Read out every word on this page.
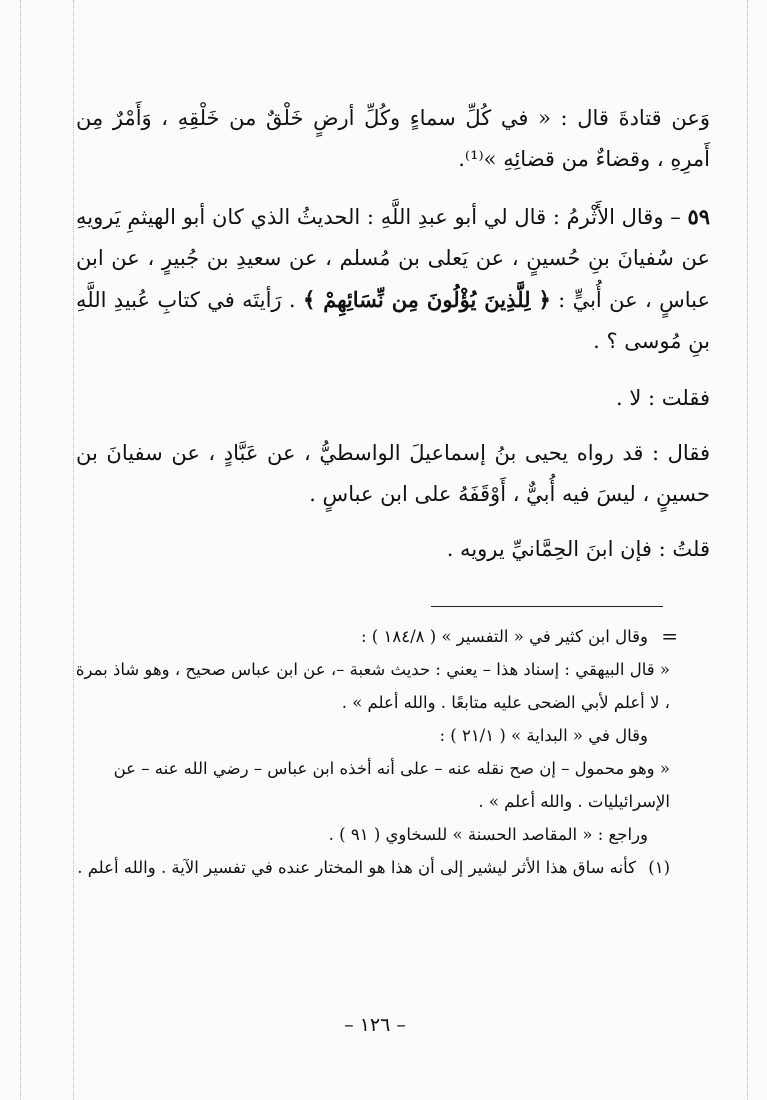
وَعن قتادةَ قال : « في كُلِّ سماءٍ وكُلِّ أرضٍ خَلْقٌ من خَلْقِهِ ، وَأَمْرٌ مِن أَمرِهِ ، وقضاءٌ من قضائِهِ »⁽¹⁾.

٥٩ – وقال الأَثْرمُ : قال لي أبو عبدِ اللَّهِ : الحديثُ الذي كان أبو الهيثمِ يَرويهِ عن سُفيانَ بنِ حُسينٍ ، عن يَعلى بن مُسلم ، عن سعيدِ بن جُبيرٍ ، عن ابن عباسٍ ، عن أُبيٍّ : ﴿ لِلَّذِينَ يُؤْلُونَ مِن نِّسَائِهِمْ ﴾ . رَأيتَه في كتابِ عُبيدِ اللَّهِ بنِ مُوسى ؟ .

فقلت : لا .

فقال : قد رواه يحيى بنُ إسماعيلَ الواسطيُّ ، عن عَبَّادٍ ، عن سفيانَ بن حسينٍ ، ليسَ فيه أُبيٌّ ، أَوْقَفَهُ على ابن عباسٍ .

قلتُ : فإن ابنَ الحِمَّانيِّ يرويه .

=

وقال ابن كثير في « التفسير » ( ١٨٤/٨ ) :

« قال البيهقي : إسناد هذا – يعني : حديث شعبة –، عن ابن عباس صحيح ، وهو شاذ بمرة ، لا أعلم لأبي الضحى عليه متابعًا . والله أعلم » .

وقال في « البداية » ( ٢١/١ ) :

« وهو محمول – إن صح نقله عنه – على أنه أخذه ابن عباس – رضي الله عنه – عن الإسرائيليات . والله أعلم » .

وراجع : « المقاصد الحسنة » للسخاوي ( ٩١ ) .

(١)
كأنه ساق هذا الأثر ليشير إلى أن هذا هو المختار عنده في تفسير الآية . والله أعلم .

– ١٢٦ –
